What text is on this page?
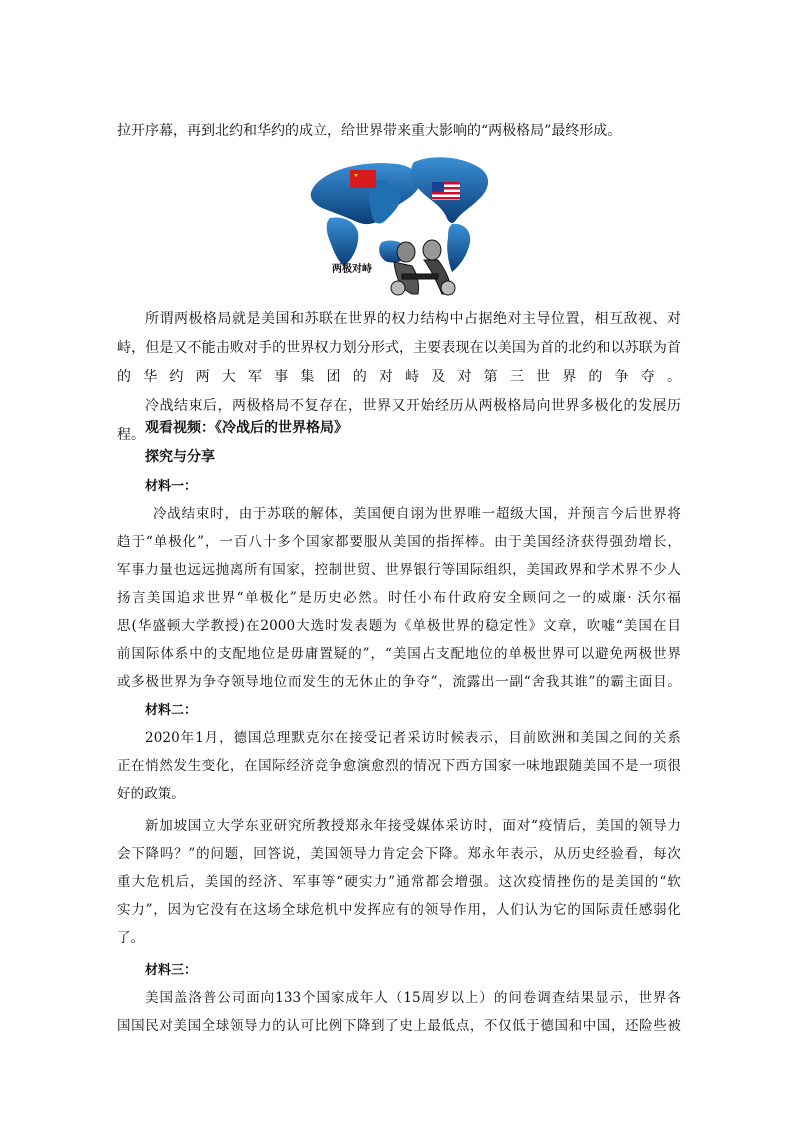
拉开序幕，再到北约和华约的成立，给世界带来重大影响的“两极格局”最终形成。
两极对峙
所谓两极格局就是美国和苏联在世界的权力结构中占据绝对主导位置，相互敌视、对峙，但是又不能击败对手的世界权力划分形式，主要表现在以美国为首的北约和以苏联为首的华约两大军事集团的对峙及对第三世界的争夺。
冷战结束后，两极格局不复存在，世界又开始经历从两极格局向世界多极化的发展历程。 观看视频：《冷战后的世界格局》
探究与分享
材料一：
冷战结束时，由于苏联的解体，美国便自诩为世界唯一超级大国，并预言今后世界将
趋于“单极化”，一百八十多个国家都要服从美国的指挥棒。由于美国经济获得强劲增长，
军事力量也远远抛离所有国家，控制世贸、世界银行等国际组织，美国政界和学术界不少人
扬言美国追求世界“单极化”是历史必然。时任小布什政府安全顾问之一的威廉· 沃尔福
思(华盛顿大学教授)在2000大选时发表题为《单极世界的稳定性》文章，吹嘘“美国在目
前国际体系中的支配地位是毋庸置疑的”，“美国占支配地位的单极世界可以避免两极世界
或多极世界为争夺领导地位而发生的无休止的争夺”，流露出一副“舍我其谁”的霸主面目。
材料二：
2020年1月，德国总理默克尔在接受记者采访时候表示，目前欧洲和美国之间的关系
正在悄然发生变化，在国际经济竞争愈演愈烈的情况下西方国家一味地跟随美国不是一项很
好的政策。
新加坡国立大学东亚研究所教授郑永年接受媒体采访时，面对“疫情后，美国的领导力
会下降吗？”的问题，回答说，美国领导力肯定会下降。郑永年表示，从历史经验看，每次
重大危机后，美国的经济、军事等“硬实力”通常都会增强。这次疫情挫伤的是美国的“软
实力”，因为它没有在这场全球危机中发挥应有的领导作用，人们认为它的国际责任感弱化
了。
材料三：
美国盖洛普公司面向133个国家成年人（15周岁以上）的问卷调查结果显示，世界各
国国民对美国全球领导力的认可比例下降到了史上最低点，不仅低于德国和中国，还险些被
